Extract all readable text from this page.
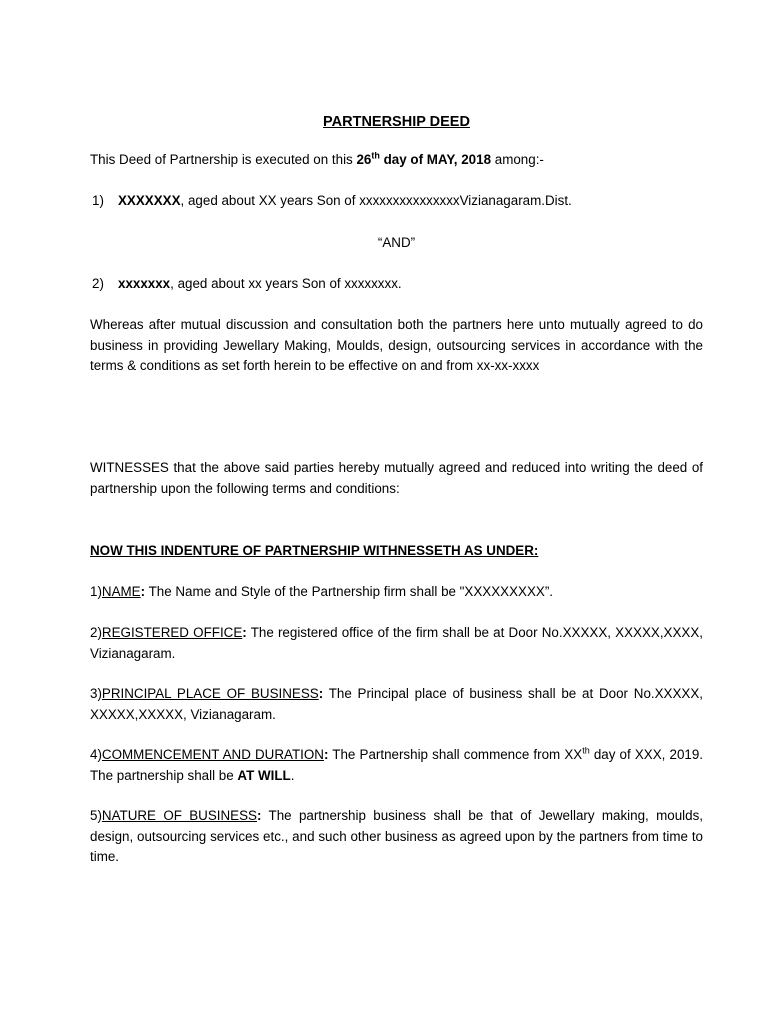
PARTNERSHIP DEED

This Deed of Partnership is executed on this 26th day of MAY, 2018 among:-

1) XXXXXXX, aged about XX years Son of xxxxxxxxxxxxxxxVizianagaram.Dist.

“AND”

2) xxxxxxx, aged about xx years Son of xxxxxxxx.

Whereas after mutual discussion and consultation both the partners here unto mutually agreed to do business in providing Jewellary Making, Moulds, design, outsourcing services in accordance with the terms & conditions as set forth herein to be effective on and from xx-xx-xxxx

WITNESSES that the above said parties hereby mutually agreed and reduced into writing the deed of partnership upon the following terms and conditions:

NOW THIS INDENTURE OF PARTNERSHIP WITHNESSETH AS UNDER:

1)NAME: The Name and Style of the Partnership firm shall be "XXXXXXXXX”.

2)REGISTERED OFFICE: The registered office of the firm shall be at Door No.XXXXX, XXXXX,XXXX, Vizianagaram.

3)PRINCIPAL PLACE OF BUSINESS: The Principal place of business shall be at Door No.XXXXX, XXXXX,XXXXX, Vizianagaram.

4)COMMENCEMENT AND DURATION: The Partnership shall commence from XXth day of XXX, 2019. The partnership shall be AT WILL.

5)NATURE OF BUSINESS: The partnership business shall be that of Jewellary making, moulds, design, outsourcing services etc., and such other business as agreed upon by the partners from time to time.
